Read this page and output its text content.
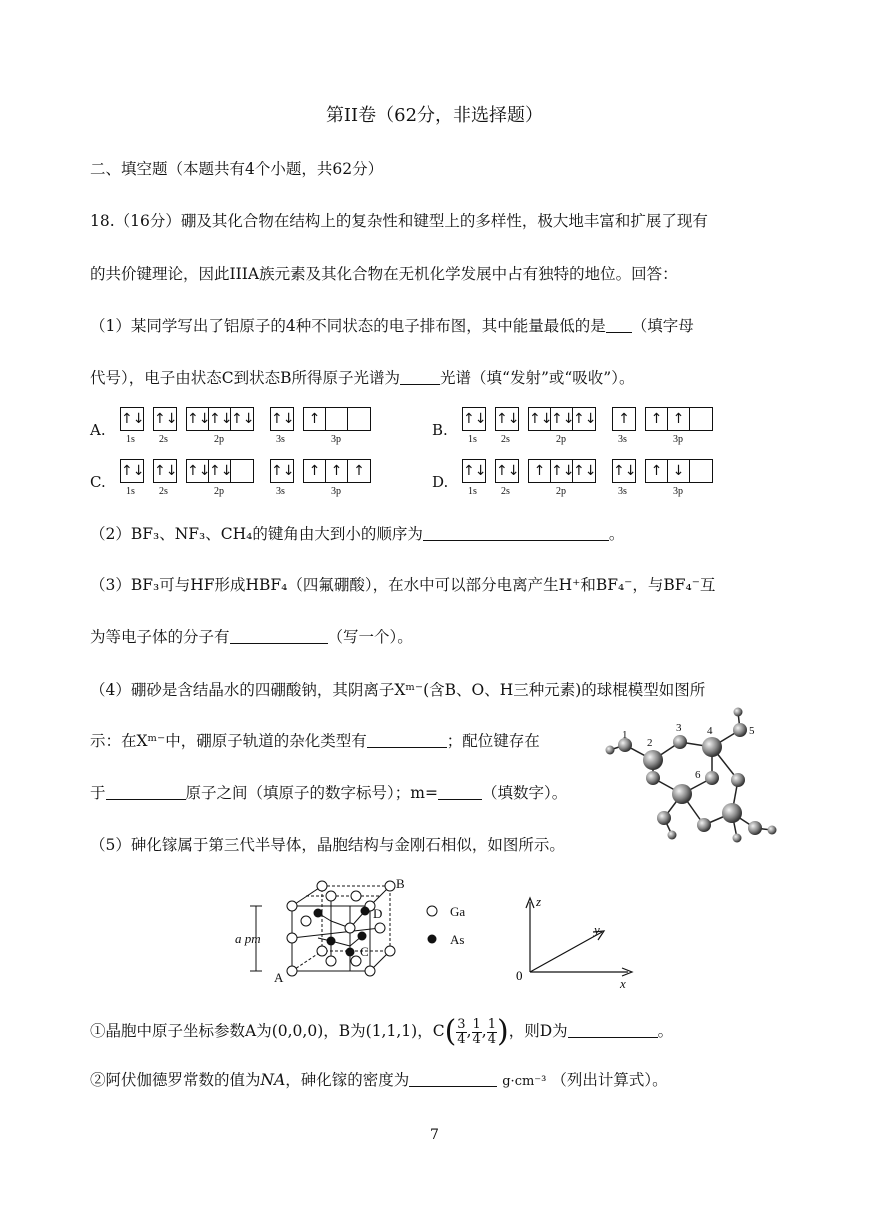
第II卷（62分，非选择题）
二、填空题（本题共有4个小题，共62分）
18.（16分）硼及其化合物在结构上的复杂性和键型上的多样性，极大地丰富和扩展了现有
的共价键理论，因此IIIA族元素及其化合物在无机化学发展中占有独特的地位。回答：
（1）某同学写出了铝原子的4种不同状态的电子排布图，其中能量最低的是 （填字母
代号），电子由状态C到状态B所得原子光谱为	光谱（填“发射”或“吸收”）。
A.
↑↓
1s
↑↓
2s
↑↓
↑↓
↑↓
2p
↑↓
3s
↑
3p
B.
↑↓
1s
↑↓
2s
↑↓
↑↓
↑↓
2p
↑
3s
↑ ↑
3p
C.
↑↓
1s
↑↓
2s
↑↓
↑↓
2p
↑↓
3s
↑ ↑ ↑
3p
D.
↑↓
1s
↑↓
2s
↑ ↑↓
↑↓
2p
↑↓
3s
↑ ↓
3p
（2）BF₃、NF₃、CH₄的键角由大到小的顺序为	。
（3）BF₃可与HF形成HBF₄（四氟硼酸），在水中可以部分电离产生H⁺和BF₄⁻，与BF₄⁻互
为等电子体的分子有	（写一个）。
（4）硼砂是含结晶水的四硼酸钠，其阴离子Xᵐ⁻(含B、O、H三种元素)的球棍模型如图所
示：在Xᵐ⁻中，硼原子轨道的杂化类型有	；配位键存在
于	原子之间（填原子的数字标号）；m=	（填数字）。
1
2
3 4	5
6
（5）砷化镓属于第三代半导体，晶胞结构与金刚石相似，如图所示。
B
D
C
A
a pm
Ga
As
z
y
x
0
①晶胞中原子坐标参数A为(0,0,0)，B为(1,1,1)，$C( \frac{3}{4}$ , $\frac{1}{4}$ , $\frac{1}{4}$ )，则D为	。
②阿伏伽德罗常数的值为NA，砷化镓的密度为	g·cm⁻³ （列出计算式）。
7
